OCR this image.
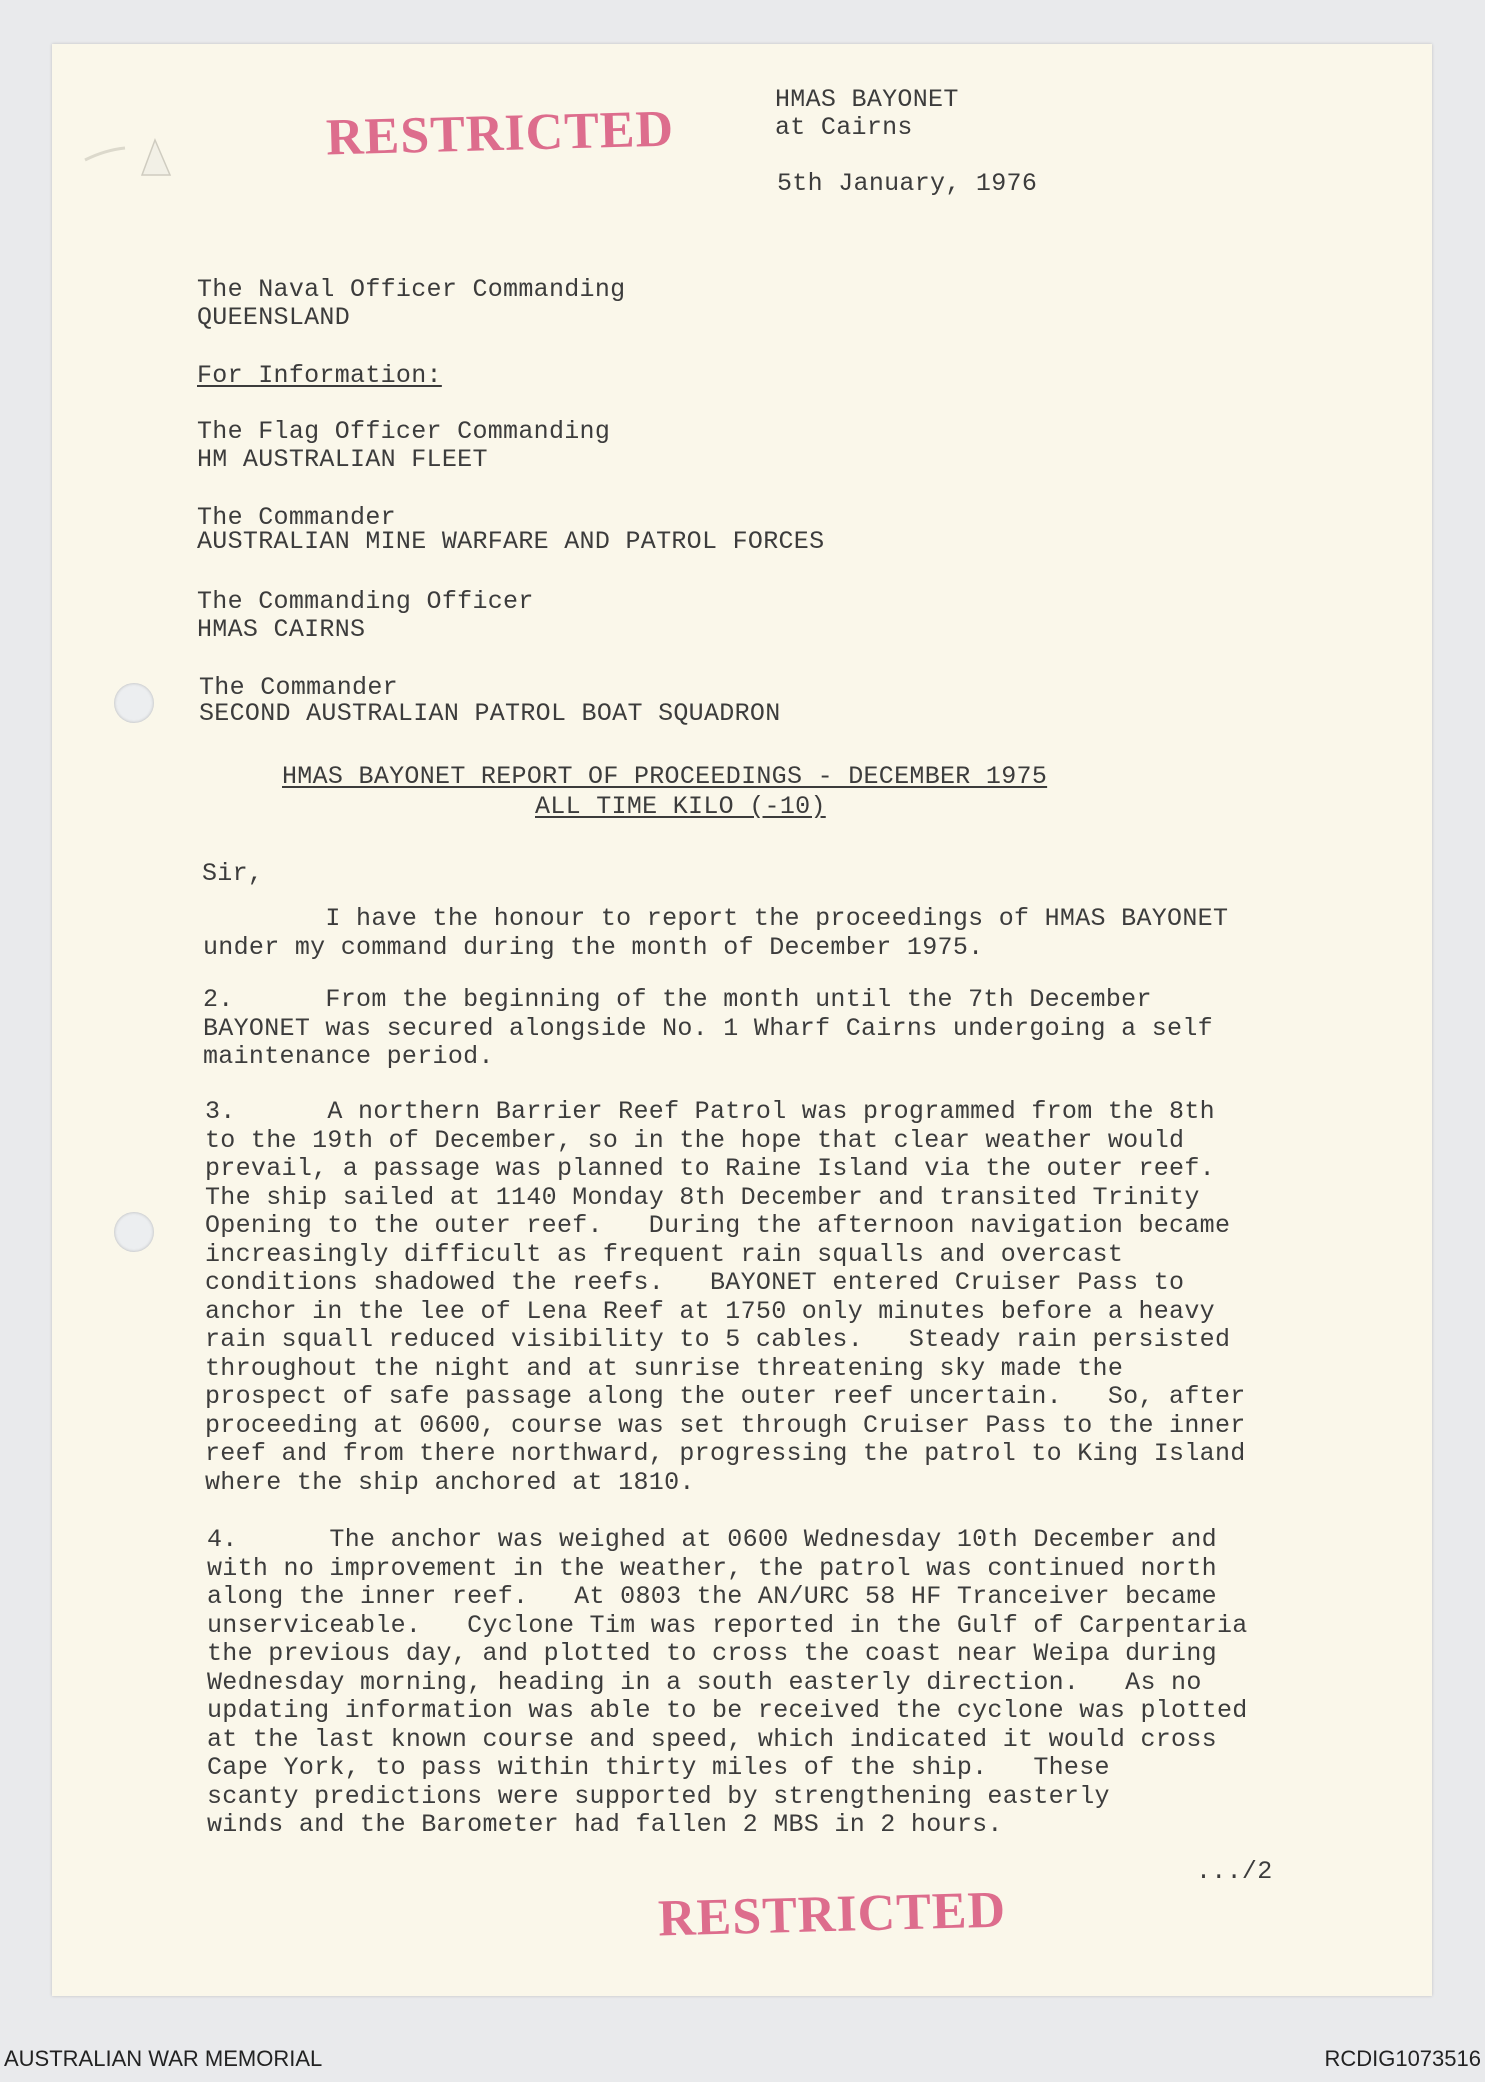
RESTRICTED
HMAS BAYONET
at Cairns
5th January, 1976
The Naval Officer Commanding
QUEENSLAND
For Information:
The Flag Officer Commanding
HM AUSTRALIAN FLEET
The Commander
AUSTRALIAN MINE WARFARE AND PATROL FORCES
The Commanding Officer
HMAS CAIRNS
The Commander
SECOND AUSTRALIAN PATROL BOAT SQUADRON
HMAS BAYONET REPORT OF PROCEEDINGS - DECEMBER 1975
ALL TIME KILO (-10)
Sir,
I have the honour to report the proceedings of HMAS BAYONET
under my command during the month of December 1975.
2.      From the beginning of the month until the 7th December
BAYONET was secured alongside No. 1 Wharf Cairns undergoing a self
maintenance period.
3.      A northern Barrier Reef Patrol was programmed from the 8th
to the 19th of December, so in the hope that clear weather would
prevail, a passage was planned to Raine Island via the outer reef.
The ship sailed at 1140 Monday 8th December and transited Trinity
Opening to the outer reef.   During the afternoon navigation became
increasingly difficult as frequent rain squalls and overcast
conditions shadowed the reefs.   BAYONET entered Cruiser Pass to
anchor in the lee of Lena Reef at 1750 only minutes before a heavy
rain squall reduced visibility to 5 cables.   Steady rain persisted
throughout the night and at sunrise threatening sky made the
prospect of safe passage along the outer reef uncertain.   So, after
proceeding at 0600, course was set through Cruiser Pass to the inner
reef and from there northward, progressing the patrol to King Island
where the ship anchored at 1810.
4.      The anchor was weighed at 0600 Wednesday 10th December and
with no improvement in the weather, the patrol was continued north
along the inner reef.   At 0803 the AN/URC 58 HF Tranceiver became
unserviceable.   Cyclone Tim was reported in the Gulf of Carpentaria
the previous day, and plotted to cross the coast near Weipa during
Wednesday morning, heading in a south easterly direction.   As no
updating information was able to be received the cyclone was plotted
at the last known course and speed, which indicated it would cross
Cape York, to pass within thirty miles of the ship.   These
scanty predictions were supported by strengthening easterly
winds and the Barometer had fallen 2 MBS in 2 hours.
.../2
RESTRICTED
AUSTRALIAN WAR MEMORIAL	RCDIG1073516
